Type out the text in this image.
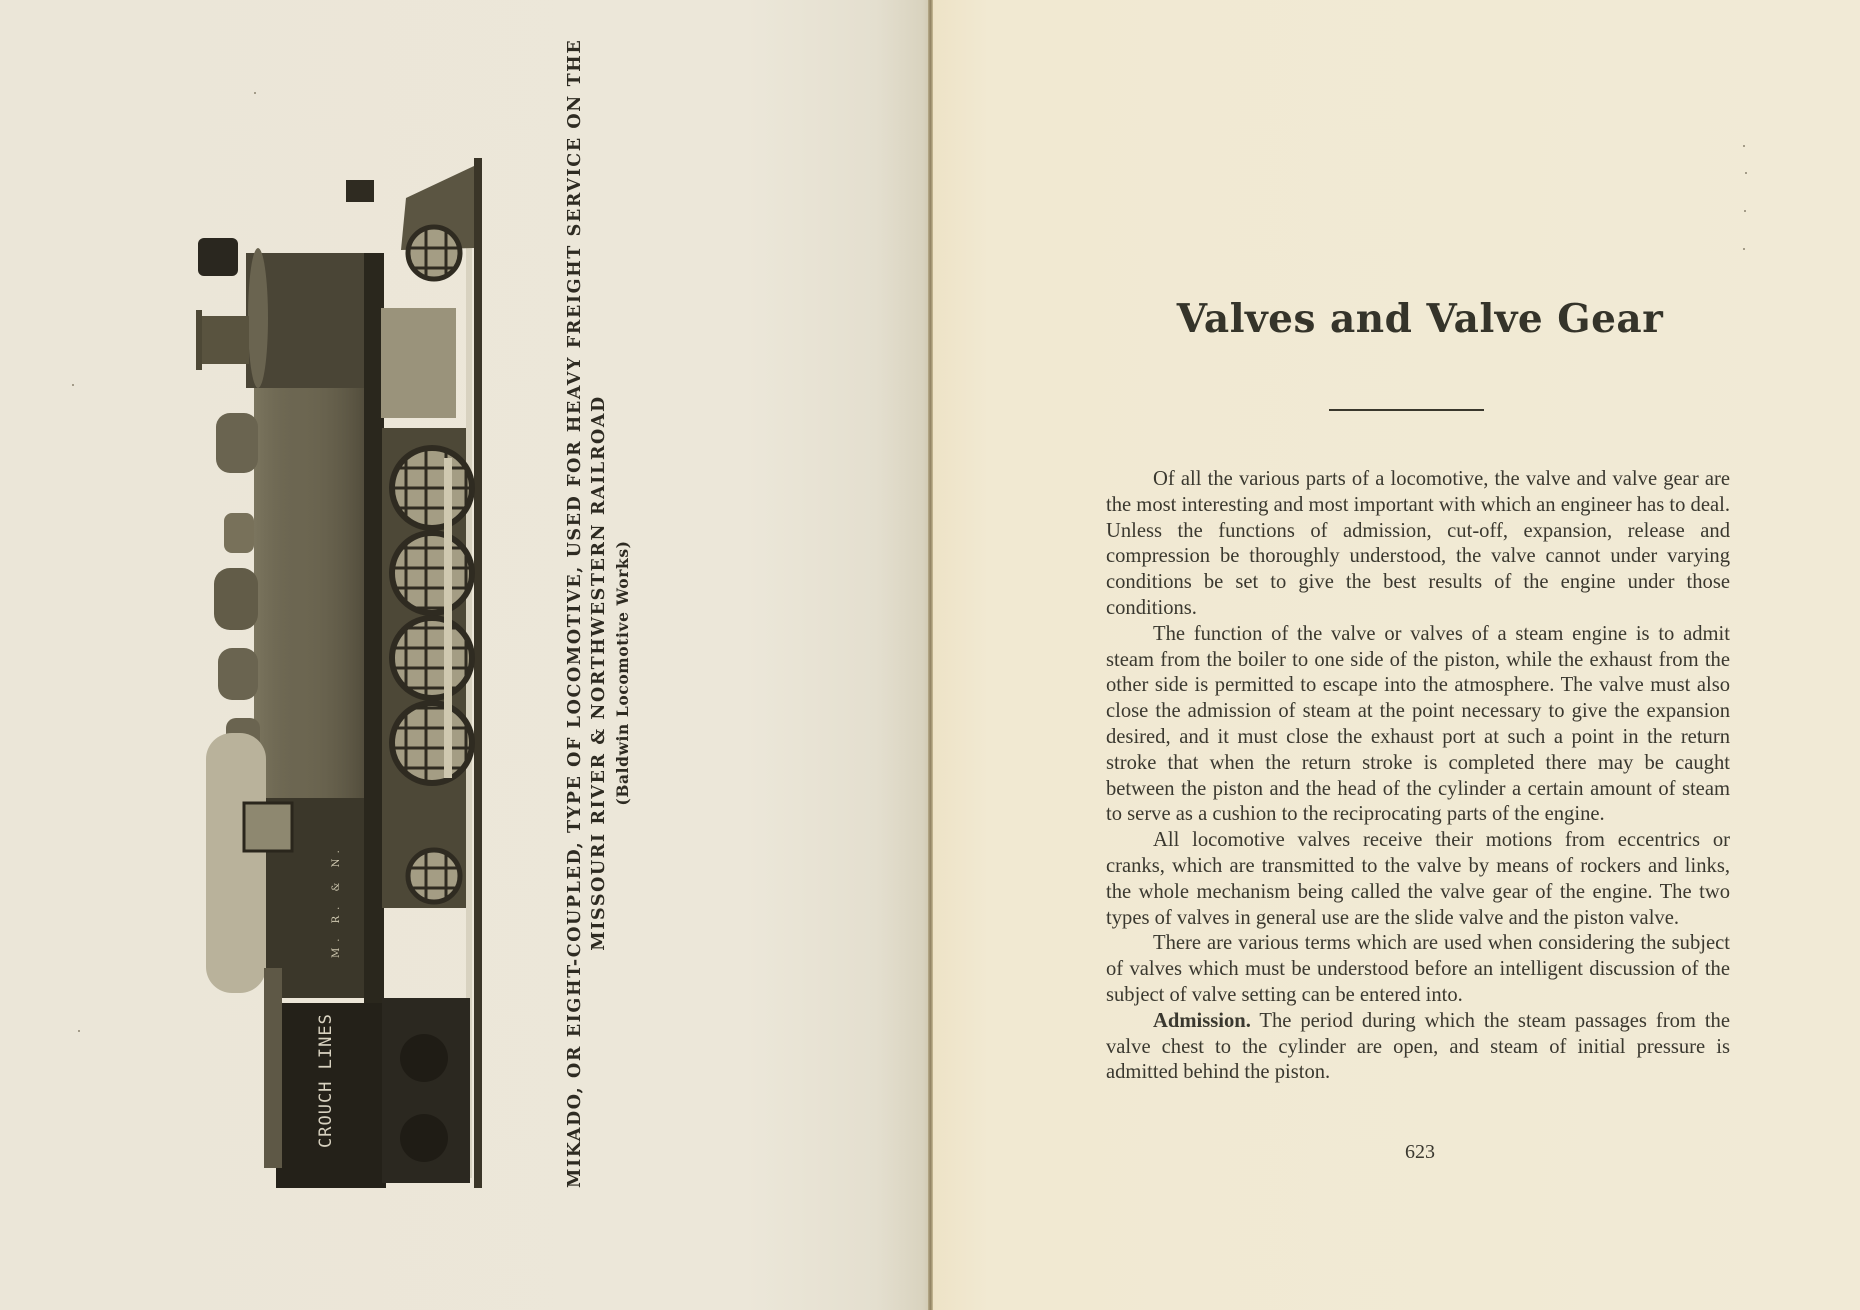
CROUCH LINES
M. R. & N.	MIKADO, OR EIGHT-COUPLED, TYPE OF LOCOMOTIVE, USED FOR HEAVY FREIGHT SERVICE ON THE MISSOURI RIVER & NORTHWESTERN RAILROAD (Baldwin Locomotive Works)
Valves and Valve Gear

Of all the various parts of a locomotive, the valve and valve gear are the most interesting and most important with which an engineer has to deal. Unless the functions of admission, cut-off, expansion, release and compression be thoroughly understood, the valve cannot under varying conditions be set to give the best results of the engine under those conditions.

The function of the valve or valves of a steam engine is to admit steam from the boiler to one side of the piston, while the exhaust from the other side is permitted to escape into the atmosphere. The valve must also close the admission of steam at the point necessary to give the expansion desired, and it must close the exhaust port at such a point in the return stroke that when the return stroke is completed there may be caught between the piston and the head of the cylinder a certain amount of steam to serve as a cushion to the reciprocating parts of the engine.

All locomotive valves receive their motions from eccentrics or cranks, which are transmitted to the valve by means of rockers and links, the whole mechanism being called the valve gear of the engine. The two types of valves in general use are the slide valve and the piston valve.

There are various terms which are used when considering the subject of valves which must be understood before an intelligent discussion of the subject of valve setting can be entered into.

Admission. The period during which the steam passages from the valve chest to the cylinder are open, and steam of initial pressure is admitted behind the piston.

623
